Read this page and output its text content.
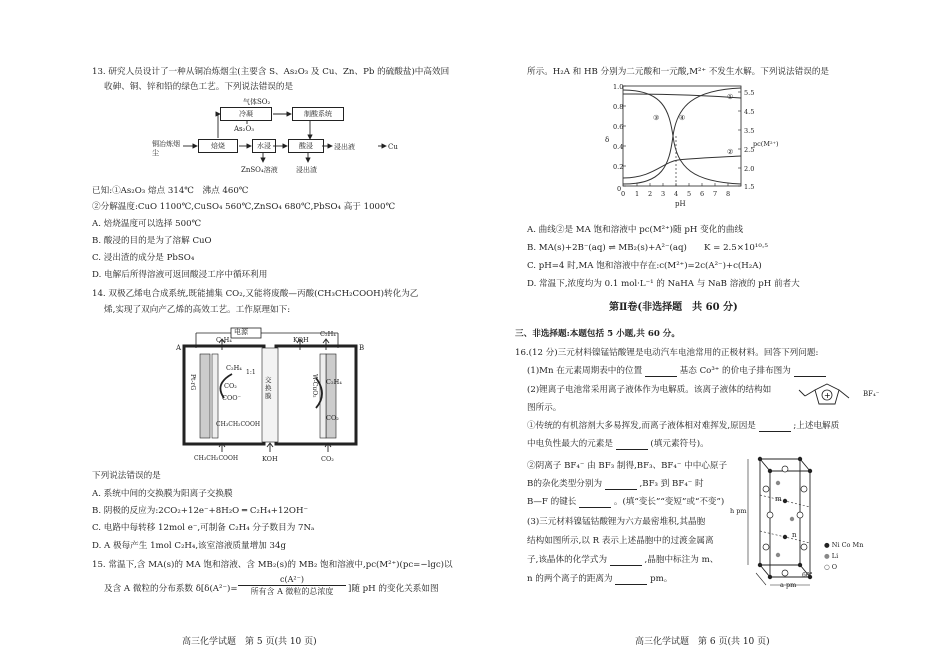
13. 研究人员设计了一种从铜冶炼烟尘(主要含 S、As₂O₃ 及 Cu、Zn、Pb 的硫酸盐)中高效回
收砷、铜、锌和铅的绿色工艺。下列说法错误的是
铜冶炼烟尘
焙烧
冷凝
气体SO₂
制酸系统
As₂O₃
水浸
ZnSO₄溶液
酸浸
浸出渣
浸出液	Cu
已知:①As₂O₃ 熔点 314℃　沸点 460℃
②分解温度:CuO 1100℃,CuSO₄ 560℃,ZnSO₄ 680℃,PbSO₄ 高于 1000℃
A. 焙烧温度可以选择 500℃
B. 酸浸的目的是为了溶解 CuO
C. 浸出渣的成分是 PbSO₄
D. 电解后所得溶液可返回酸浸工序中循环利用
14. 双极乙烯电合成系统,既能捕集 CO₂,又能将废酸—丙酸(CH₃CH₂COOH)转化为乙
烯,实现了双向产乙烯的高效工艺。工作原理如下:
电源
A	B
C₂H₄	KOH
C₂H₄
C₂H₄
1:1
CO₂
COO⁻
CH₃CH₂COOH
交换膜
Pt-rG	W-CuO₂	C₂H₄
CO₂
CH₃CH₂COOH	KOH	CO₂
下列说法错误的是
A. 系统中间的交换膜为阳离子交换膜
B. 阴极的反应为:2CO₂+12e⁻+8H₂O ═ C₂H₄+12OH⁻
C. 电路中每转移 12mol e⁻,可制备 C₂H₄ 分子数目为 7Nₐ
D. A 极每产生 1mol C₂H₄,该室溶液质量增加 34g
15. 常温下,含 MA(s)的 MA 饱和溶液、含 MB₂(s)的 MB₂ 饱和溶液中,pc(M²⁺)(pc=−lgc)以
及含 A 微粒的分布系数 δ[δ(A²⁻)=
c(A²⁻)
所有含 A 微粒的总浓度	]随 pH 的变化关系如图
高三化学试题　第 5 页(共 10 页)
所示。H₂A 和 HB 分别为二元酸和一元酸,M²⁺ 不发生水解。下列说法错误的是
1.0
0.8
0.6
0.4
0.2
0
δ
5.5
4.5
3.5
2.5
2.0
1.5
pc(M²⁺)
0 1 2 3 4 5 6 7 8
pH
①
②
③	④
A. 曲线②是 MA 饱和溶液中 pc(M²⁺)随 pH 变化的曲线
B. MA(s)+2B⁻(aq) ⇌ MB₂(s)+A²⁻(aq)　　K = 2.5×10¹⁰·⁵
C. pH=4 时,MA 饱和溶液中存在:c(M²⁺)=2c(A²⁻)+c(H₂A)
D. 常温下,浓度均为 0.1 mol·L⁻¹ 的 NaHA 与 NaB 溶液的 pH 前者大
第Ⅱ卷(非选择题　共 60 分)
三、非选择题:本题包括 5 小题,共 60 分。
16.(12 分)三元材料镍锰钴酸锂是电动汽车电池常用的正极材料。回答下列问题:
(1)Mn 在元素周期表中的位置	基态 Co³⁺ 的价电子排布图为
(2)锂离子电池常采用离子液体作为电解质。该离子液体的结构如
图所示。
+	BF₄⁻
①传统的有机溶剂大多易挥发,而离子液体相对难挥发,原因是	;上述电解质
中电负性最大的元素是	(填元素符号)。
②阴离子 BF₄⁻ 由 BF₃ 制得,BF₃、BF₄⁻ 中中心原子
B的杂化类型分别为	,BF₃ 到 BF₄⁻ 时
B—F 的键长	。(填“变长”“变短”或“不变”)
(3)三元材料镍锰钴酸锂为六方最密堆积,其晶胞
结构如图所示,以 R 表示上述晶胞中的过渡金属离
子,该晶体的化学式为	,晶胞中标注为 m、
n 的两个离子的距离为	pm。
h pm
a pm
60°
m
n
● Ni Co Mn
● Li
○ O
高三化学试题　第 6 页(共 10 页)
